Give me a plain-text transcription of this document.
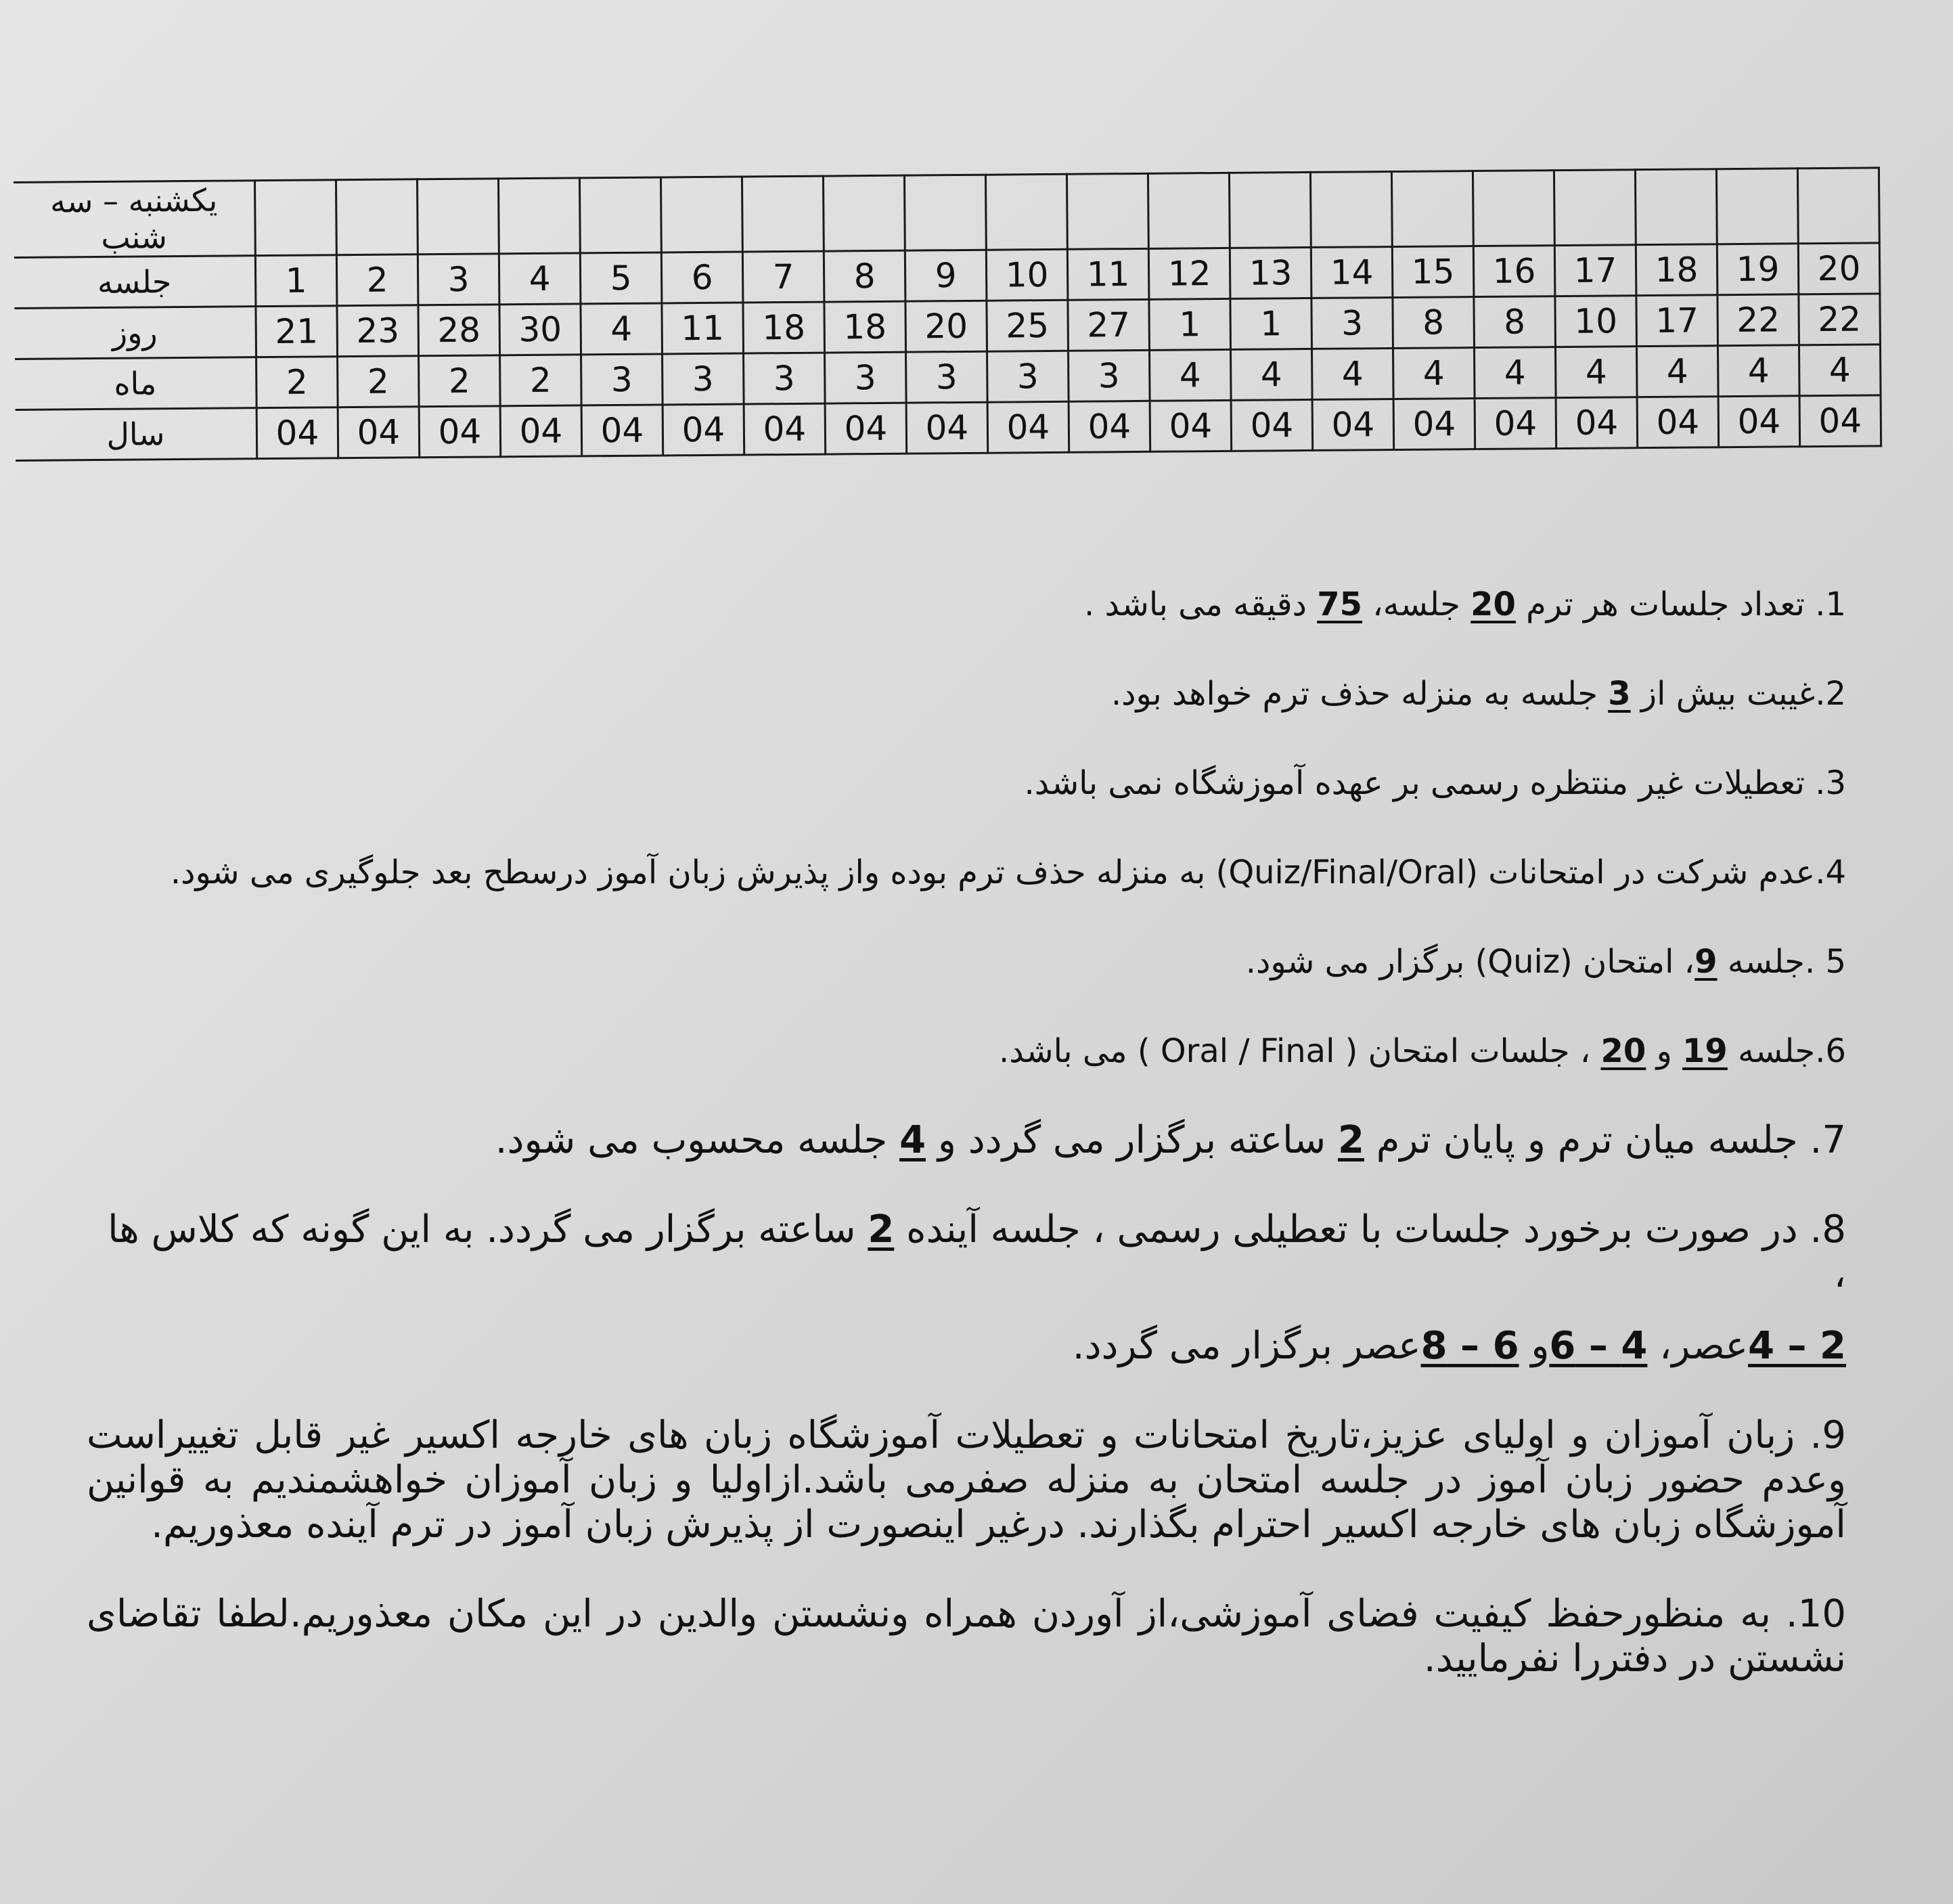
یکشنبه – سه شنب																				
جلسه	1	2	3	4	5	6	7	8	9	10	11	12	13	14	15	16	17	18	19	20
روز	21	23	28	30	4	11	18	18	20	25	27	1	1	3	8	8	10	17	22	22
ماه	2	2	2	2	3	3	3	3	3	3	3	4	4	4	4	4	4	4	4	4
سال	04	04	04	04	04	04	04	04	04	04	04	04	04	04	04	04	04	04	04	04

1. تعداد جلسات هر ترم 20 جلسه، 75 دقیقه می باشد .

2.غیبت بیش از 3 جلسه به منزله حذف ترم خواهد بود.

3. تعطیلات غیر منتظره رسمی بر عهده آموزشگاه نمی باشد.

4.عدم شرکت در امتحانات (Quiz/Final/Oral) به منزله حذف ترم بوده واز پذیرش زبان آموز درسطح بعد جلوگیری می شود.

5 .جلسه 9، امتحان (Quiz) برگزار می شود.

6.جلسه 19 و 20 ، جلسات امتحان ( Oral / Final ) می باشد.

7. جلسه میان ترم و پایان ترم 2 ساعته برگزار می گردد و 4 جلسه محسوب می شود.

8. در صورت برخورد جلسات با تعطیلی رسمی ، جلسه آینده 2 ساعته برگزار می گردد. به این گونه که کلاس ها ،

2 – 4عصر، 4 – 6و 6 – 8عصر برگزار می گردد.

9. زبان آموزان و اولیای عزیز،تاریخ امتحانات و تعطیلات آموزشگاه زبان های خارجه اکسیر غیر قابل تغییراست وعدم حضور زبان آموز در جلسه امتحان به منزله صفرمی باشد.ازاولیا و زبان آموزان خواهشمندیم به قوانین آموزشگاه زبان های خارجه اکسیر احترام بگذارند. درغیر اینصورت از پذیرش زبان آموز در ترم آینده معذوریم.

10. به منظورحفظ کیفیت فضای آموزشی،از آوردن همراه ونشستن والدین در این مکان معذوریم.لطفا تقاضای نشستن در دفتررا نفرمایید.
